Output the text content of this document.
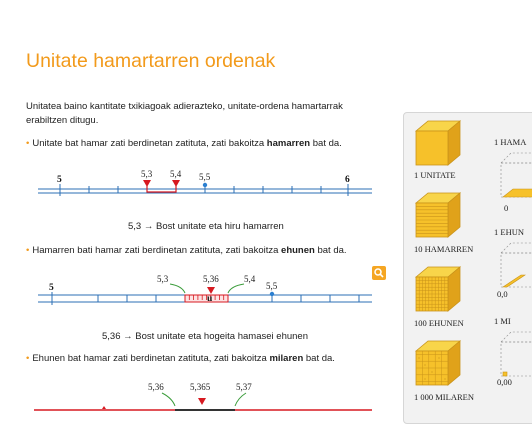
Unitate hamartarren ordenak
Unitatea baino kantitate txikiagoak adierazteko, unitate-ordena hamartarrak erabiltzen ditugu.
• Unitate bat hamar zati berdinetan zatituta, zati bakoitza hamarren bat da.
5	6
5,3 5,4 5,5
5,3 → Bost unitate eta hiru hamarren
• Hamarren bati hamar zati berdinetan zatituta, zati bakoitza ehunen bat da.
5
5,3	5,36	5,4
5,5
u
5,36 → Bost unitate eta hogeita hamasei ehunen
• Ehunen bat hamar zati berdinetan zatituta, zati bakoitza milaren bat da.
5,36	5,365	5,37
1 UNITATE
10 HAMARREN
100 EHUNEN
1 000 MILAREN
1 HAMA
0
1 EHUN
0,0
1 MI
0,00
